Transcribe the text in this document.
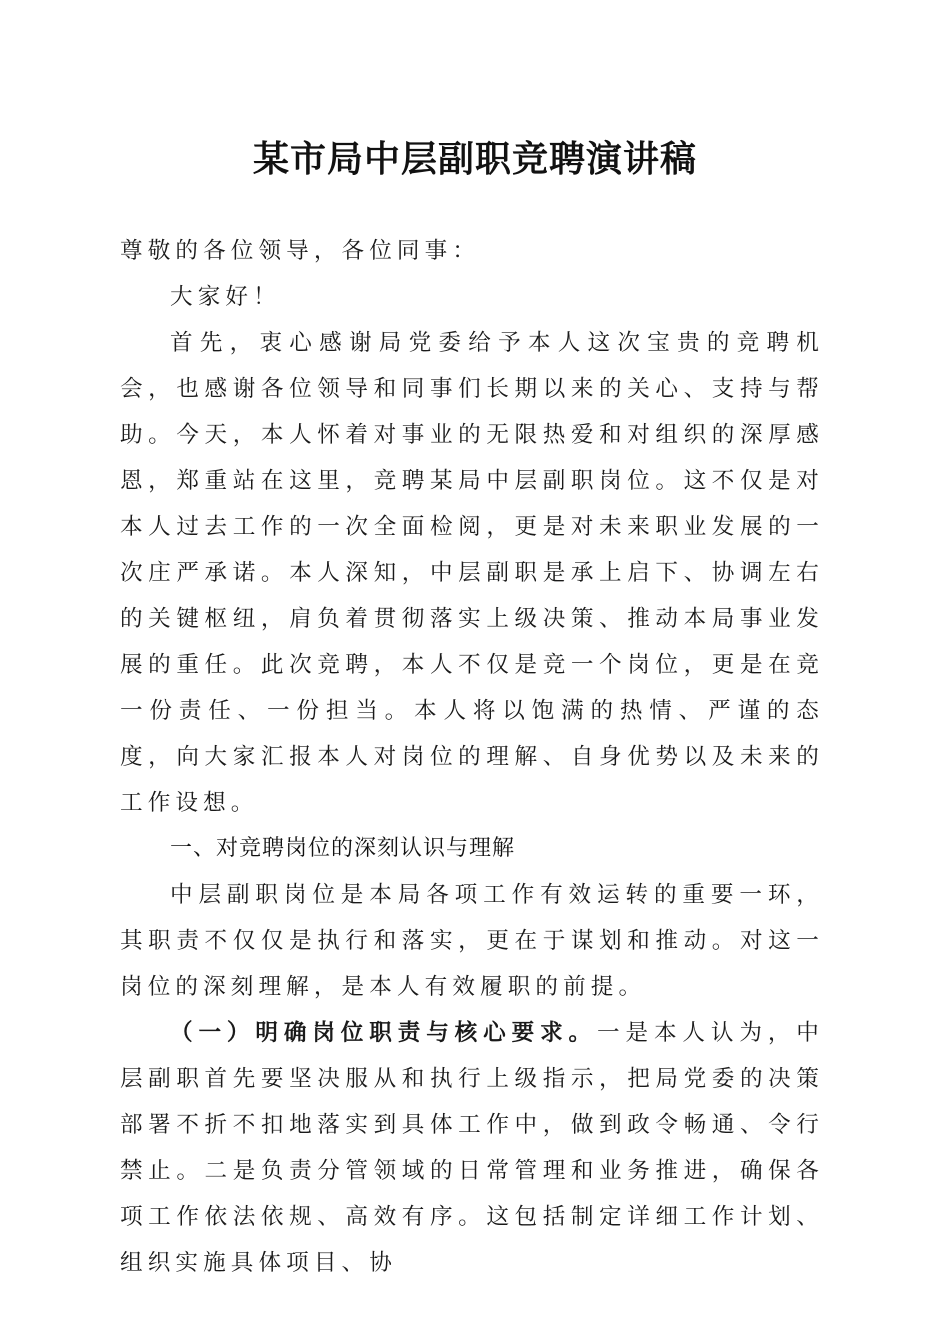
某市局中层副职竞聘演讲稿

尊敬的各位领导，各位同事：

大家好！

首先，衷心感谢局党委给予本人这次宝贵的竞聘机会，也感谢各位领导和同事们长期以来的关心、支持与帮助。今天，本人怀着对事业的无限热爱和对组织的深厚感恩，郑重站在这里，竞聘某局中层副职岗位。这不仅是对本人过去工作的一次全面检阅，更是对未来职业发展的一次庄严承诺。本人深知，中层副职是承上启下、协调左右的关键枢纽，肩负着贯彻落实上级决策、推动本局事业发展的重任。此次竞聘，本人不仅是竞一个岗位，更是在竞一份责任、一份担当。本人将以饱满的热情、严谨的态度，向大家汇报本人对岗位的理解、自身优势以及未来的工作设想。

一、对竞聘岗位的深刻认识与理解

中层副职岗位是本局各项工作有效运转的重要一环，其职责不仅仅是执行和落实，更在于谋划和推动。对这一岗位的深刻理解，是本人有效履职的前提。

（一）明确岗位职责与核心要求。一是本人认为，中层副职首先要坚决服从和执行上级指示，把局党委的决策部署不折不扣地落实到具体工作中，做到政令畅通、令行禁止。二是负责分管领域的日常管理和业务推进，确保各项工作依法依规、高效有序。这包括制定详细工作计划、组织实施具体项目、协
